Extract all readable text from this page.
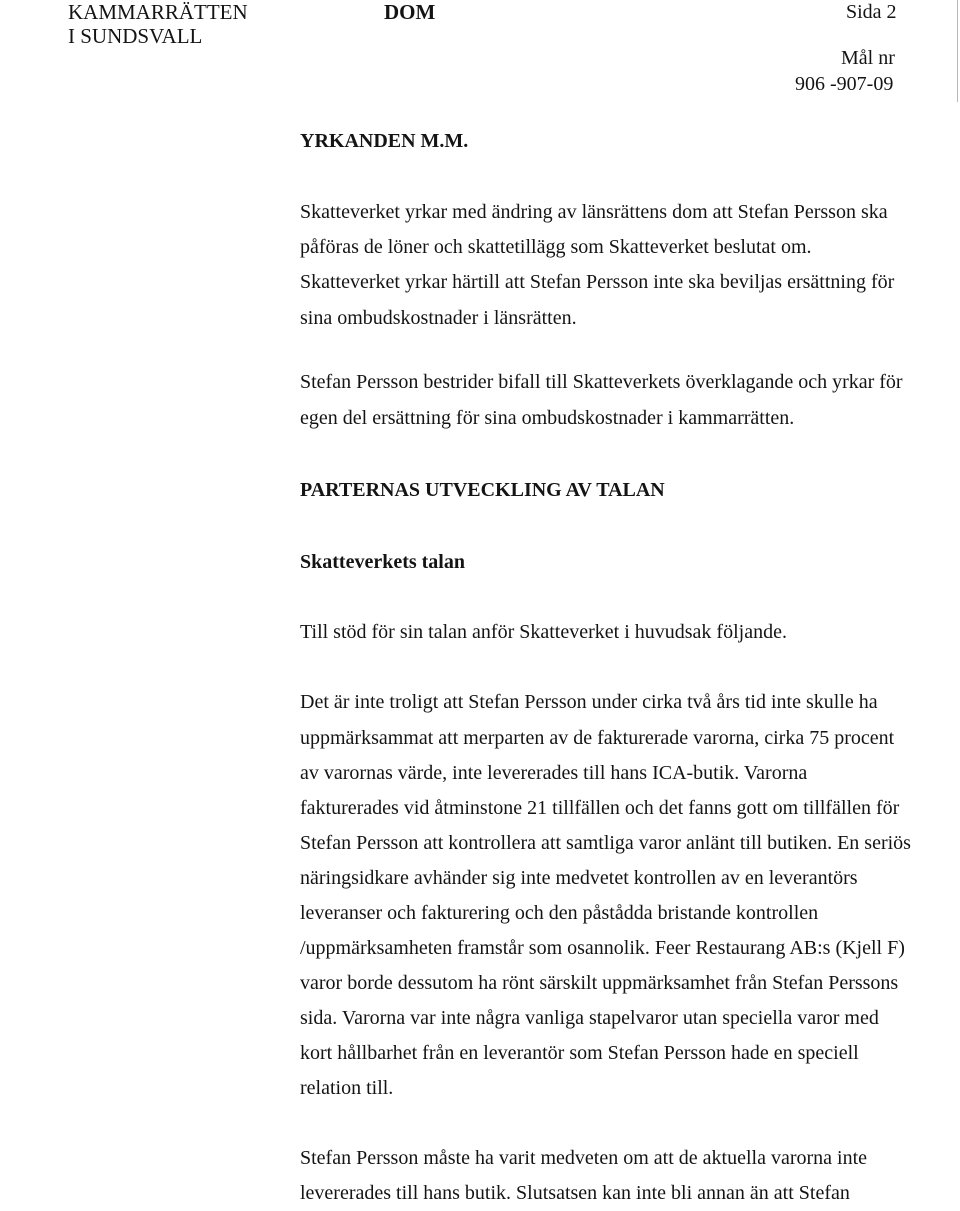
KAMMARRÄTTEN
I SUNDSVALL
DOM	Sida 2
Mål nr
906 -907-09
YRKANDEN M.M.
Skatteverket yrkar med ändring av länsrättens dom att Stefan Persson ska
påföras de löner och skattetillägg som Skatteverket beslutat om.
Skatteverket yrkar härtill att Stefan Persson inte ska beviljas ersättning för
sina ombudskostnader i länsrätten.
Stefan Persson bestrider bifall till Skatteverkets överklagande och yrkar för
egen del ersättning för sina ombudskostnader i kammarrätten.
PARTERNAS UTVECKLING AV TALAN
Skatteverkets talan
Till stöd för sin talan anför Skatteverket i huvudsak följande.
Det är inte troligt att Stefan Persson under cirka två års tid inte skulle ha
uppmärksammat att merparten av de fakturerade varorna, cirka 75 procent
av varornas värde, inte levererades till hans ICA-butik. Varorna
fakturerades vid åtminstone 21 tillfällen och det fanns gott om tillfällen för
Stefan Persson att kontrollera att samtliga varor anlänt till butiken. En seriös
näringsidkare avhänder sig inte medvetet kontrollen av en leverantörs
leveranser och fakturering och den påstådda bristande kontrollen
/uppmärksamheten framstår som osannolik. Feer Restaurang AB:s (Kjell F)
varor borde dessutom ha rönt särskilt uppmärksamhet från Stefan Perssons
sida. Varorna var inte några vanliga stapelvaror utan speciella varor med
kort hållbarhet från en leverantör som Stefan Persson hade en speciell
relation till.
Stefan Persson måste ha varit medveten om att de aktuella varorna inte
levererades till hans butik. Slutsatsen kan inte bli annan än att Stefan
